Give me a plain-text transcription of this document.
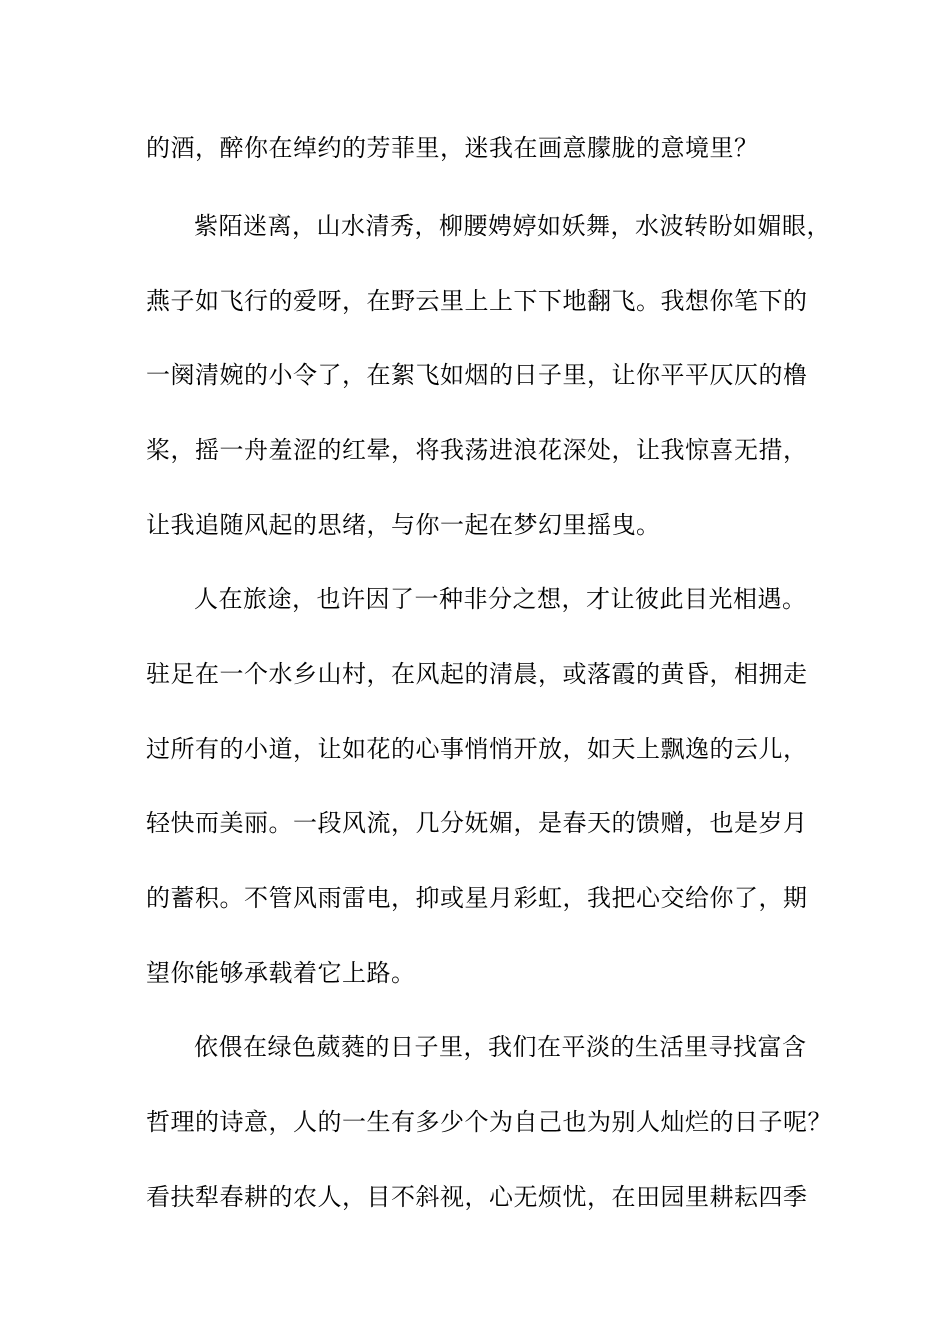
的酒，醉你在绰约的芳菲里，迷我在画意朦胧的意境里？
紫陌迷离，山水清秀，柳腰娉婷如妖舞，水波转盼如媚眼，
燕子如飞行的爱呀，在野云里上上下下地翻飞。我想你笔下的
一阕清婉的小令了，在絮飞如烟的日子里，让你平平仄仄的橹
桨，摇一舟羞涩的红晕，将我荡进浪花深处，让我惊喜无措，
让我追随风起的思绪，与你一起在梦幻里摇曳。
人在旅途，也许因了一种非分之想，才让彼此目光相遇。
驻足在一个水乡山村，在风起的清晨，或落霞的黄昏，相拥走
过所有的小道，让如花的心事悄悄开放，如天上飘逸的云儿，
轻快而美丽。一段风流，几分妩媚，是春天的馈赠，也是岁月
的蓄积。不管风雨雷电，抑或星月彩虹，我把心交给你了，期
望你能够承载着它上路。
依偎在绿色葳蕤的日子里，我们在平淡的生活里寻找富含
哲理的诗意，人的一生有多少个为自己也为别人灿烂的日子呢？
看扶犁春耕的农人，目不斜视，心无烦忧，在田园里耕耘四季
